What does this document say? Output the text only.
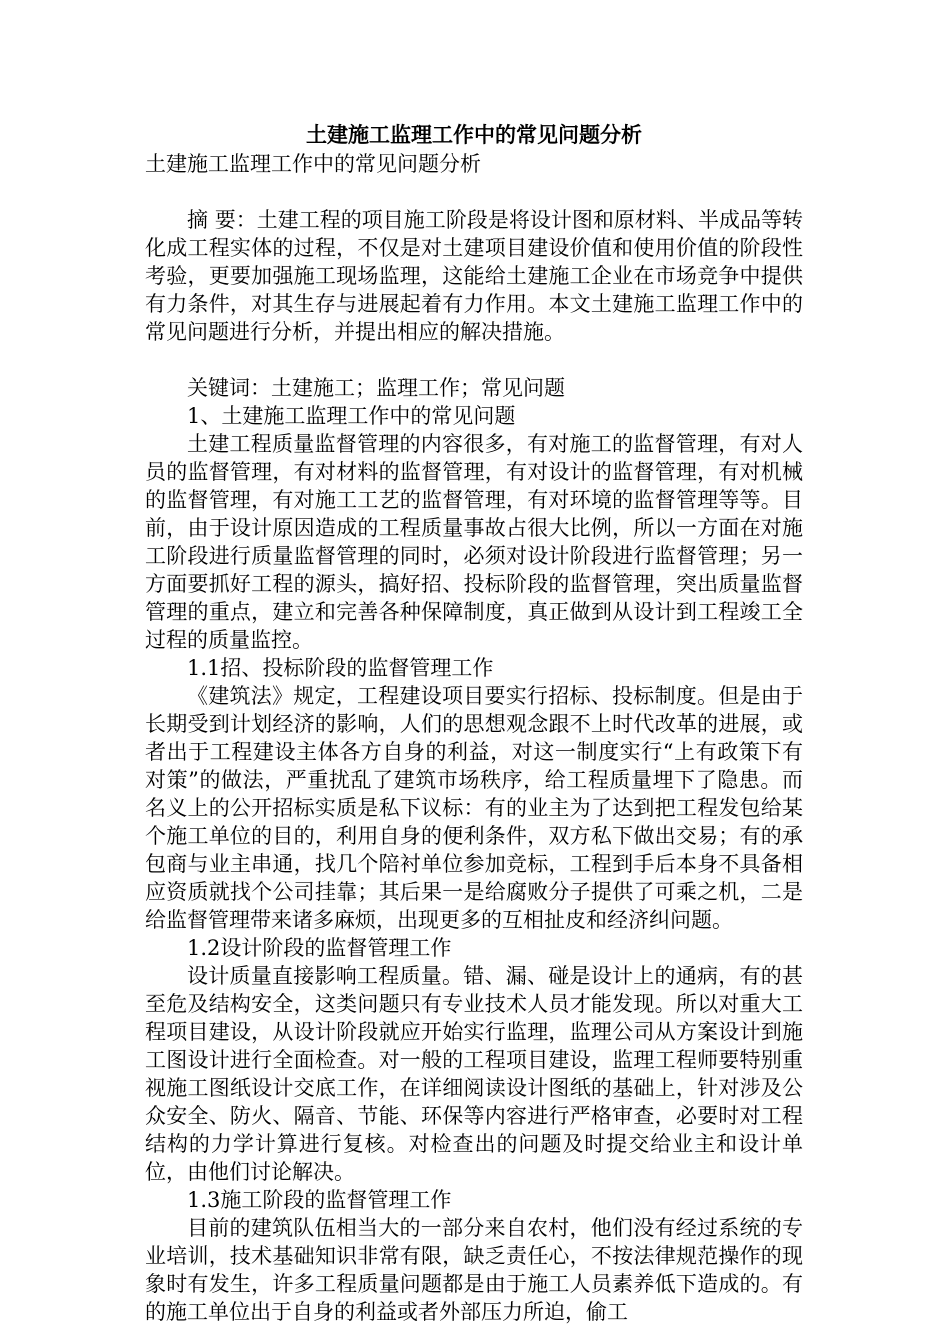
土建施工监理工作中的常见问题分析
土建施工监理工作中的常见问题分析

摘 要：土建工程的项目施工阶段是将设计图和原材料、半成品等转化成工程实体的过程，不仅是对土建项目建设价值和使用价值的阶段性考验，更要加强施工现场监理，这能给土建施工企业在市场竞争中提供有力条件，对其生存与进展起着有力作用。本文土建施工监理工作中的常见问题进行分析，并提出相应的解决措施。

关键词：土建施工；监理工作；常见问题

1、土建施工监理工作中的常见问题

土建工程质量监督管理的内容很多，有对施工的监督管理，有对人员的监督管理，有对材料的监督管理，有对设计的监督管理，有对机械的监督管理，有对施工工艺的监督管理，有对环境的监督管理等等。目前，由于设计原因造成的工程质量事故占很大比例，所以一方面在对施工阶段进行质量监督管理的同时，必须对设计阶段进行监督管理；另一方面要抓好工程的源头，搞好招、投标阶段的监督管理，突出质量监督管理的重点，建立和完善各种保障制度，真正做到从设计到工程竣工全过程的质量监控。

1.1招、投标阶段的监督管理工作

《建筑法》规定，工程建设项目要实行招标、投标制度。但是由于长期受到计划经济的影响，人们的思想观念跟不上时代改革的进展，或者出于工程建设主体各方自身的利益，对这一制度实行“上有政策下有对策”的做法，严重扰乱了建筑市场秩序，给工程质量埋下了隐患。而名义上的公开招标实质是私下议标：有的业主为了达到把工程发包给某个施工单位的目的，利用自身的便利条件，双方私下做出交易；有的承包商与业主串通，找几个陪衬单位参加竞标，工程到手后本身不具备相应资质就找个公司挂靠；其后果一是给腐败分子提供了可乘之机，二是给监督管理带来诸多麻烦，出现更多的互相扯皮和经济纠问题。

1.2设计阶段的监督管理工作

设计质量直接影响工程质量。错、漏、碰是设计上的通病，有的甚至危及结构安全，这类问题只有专业技术人员才能发现。所以对重大工程项目建设，从设计阶段就应开始实行监理，监理公司从方案设计到施工图设计进行全面检查。对一般的工程项目建设，监理工程师要特别重视施工图纸设计交底工作，在详细阅读设计图纸的基础上，针对涉及公众安全、防火、隔音、节能、环保等内容进行严格审查，必要时对工程结构的力学计算进行复核。对检查出的问题及时提交给业主和设计单位，由他们讨论解决。

1.3施工阶段的监督管理工作

目前的建筑队伍相当大的一部分来自农村，他们没有经过系统的专业培训，技术基础知识非常有限，缺乏责任心，不按法律规范操作的现象时有发生，许多工程质量问题都是由于施工人员素养低下造成的。有的施工单位出于自身的利益或者外部压力所迫，偷工
